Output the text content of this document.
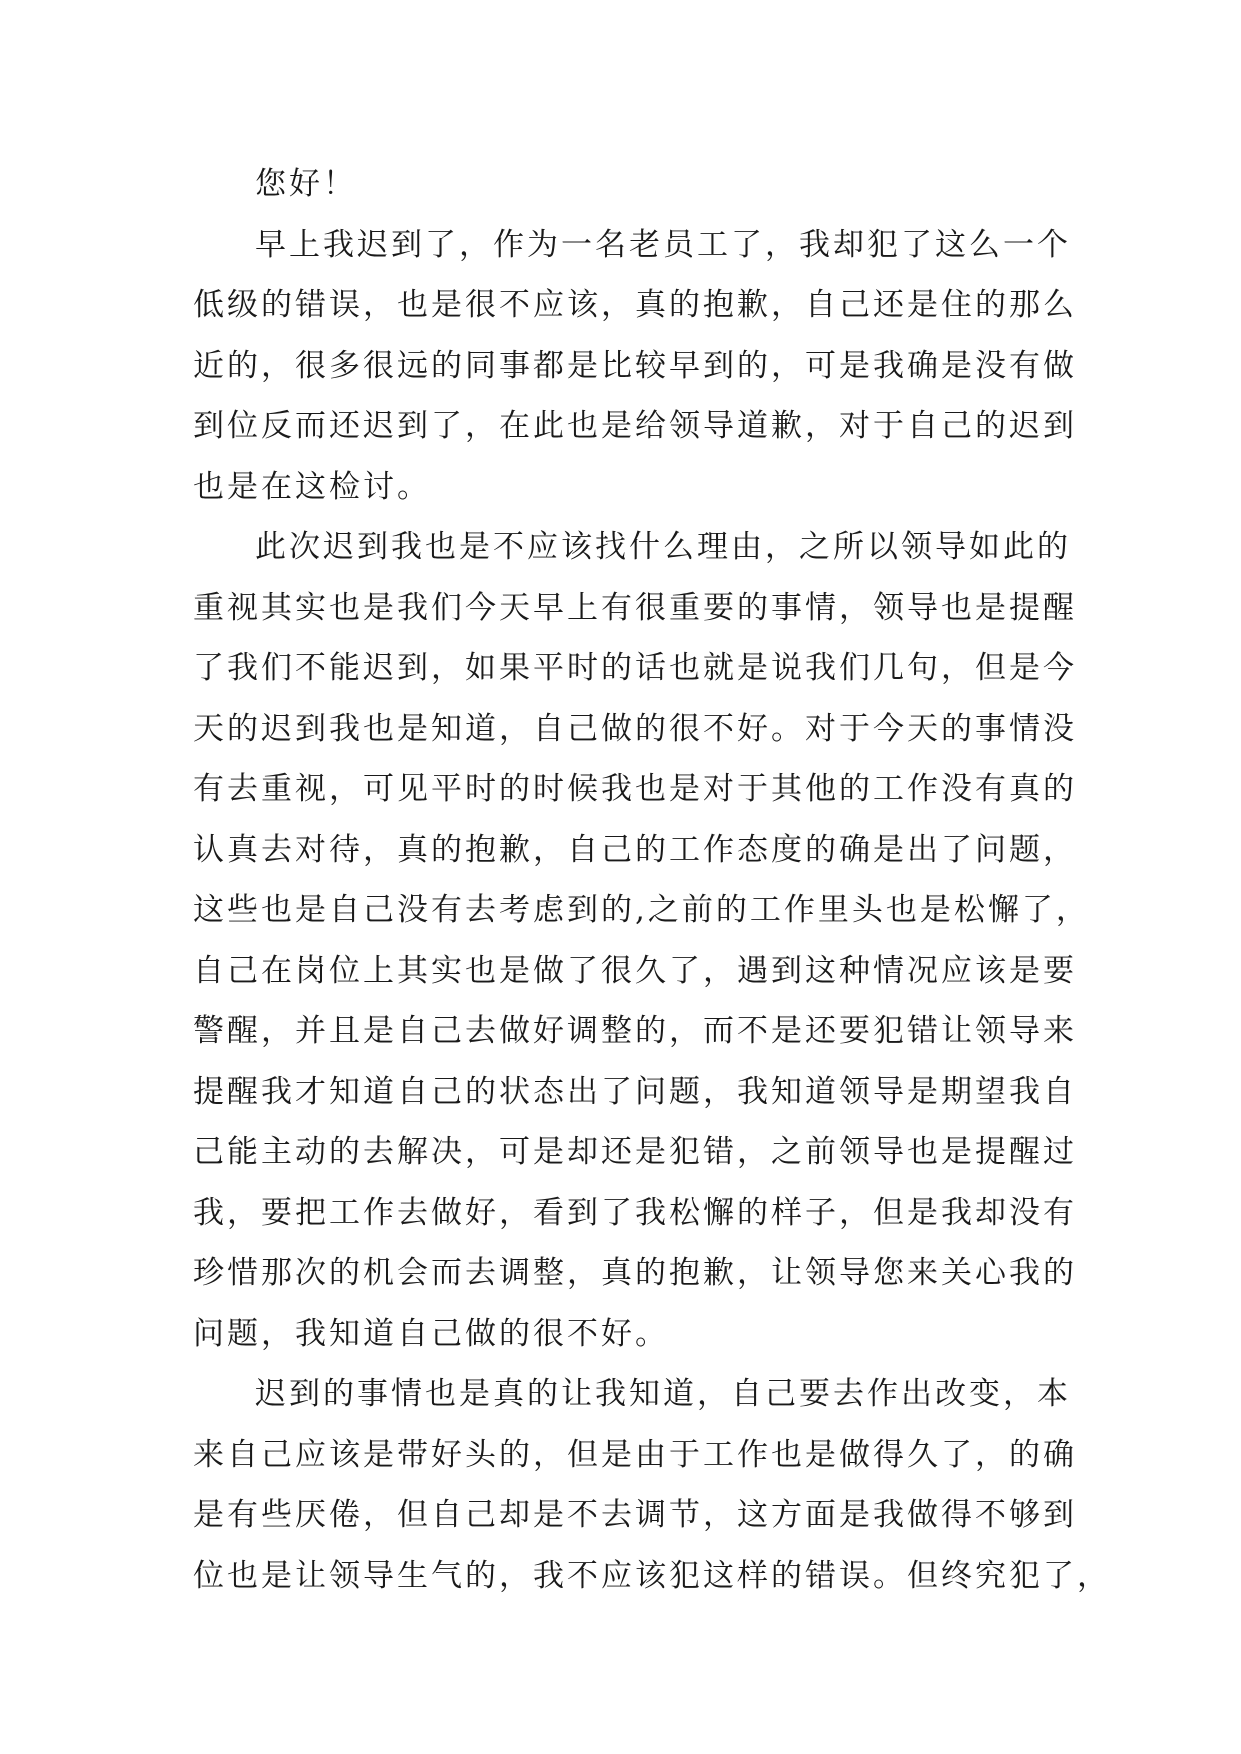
您好！
早上我迟到了，作为一名老员工了，我却犯了这么一个
低级的错误，也是很不应该，真的抱歉，自己还是住的那么
近的，很多很远的同事都是比较早到的，可是我确是没有做
到位反而还迟到了，在此也是给领导道歉，对于自己的迟到
也是在这检讨。
此次迟到我也是不应该找什么理由，之所以领导如此的
重视其实也是我们今天早上有很重要的事情，领导也是提醒
了我们不能迟到，如果平时的话也就是说我们几句，但是今
天的迟到我也是知道，自己做的很不好。对于今天的事情没
有去重视，可见平时的时候我也是对于其他的工作没有真的
认真去对待，真的抱歉，自己的工作态度的确是出了问题，
这些也是自己没有去考虑到的,之前的工作里头也是松懈了，
自己在岗位上其实也是做了很久了，遇到这种情况应该是要
警醒，并且是自己去做好调整的，而不是还要犯错让领导来
提醒我才知道自己的状态出了问题，我知道领导是期望我自
己能主动的去解决，可是却还是犯错，之前领导也是提醒过
我，要把工作去做好，看到了我松懈的样子，但是我却没有
珍惜那次的机会而去调整，真的抱歉，让领导您来关心我的
问题，我知道自己做的很不好。
迟到的事情也是真的让我知道，自己要去作出改变，本
来自己应该是带好头的，但是由于工作也是做得久了，的确
是有些厌倦，但自己却是不去调节，这方面是我做得不够到
位也是让领导生气的，我不应该犯这样的错误。但终究犯了，
